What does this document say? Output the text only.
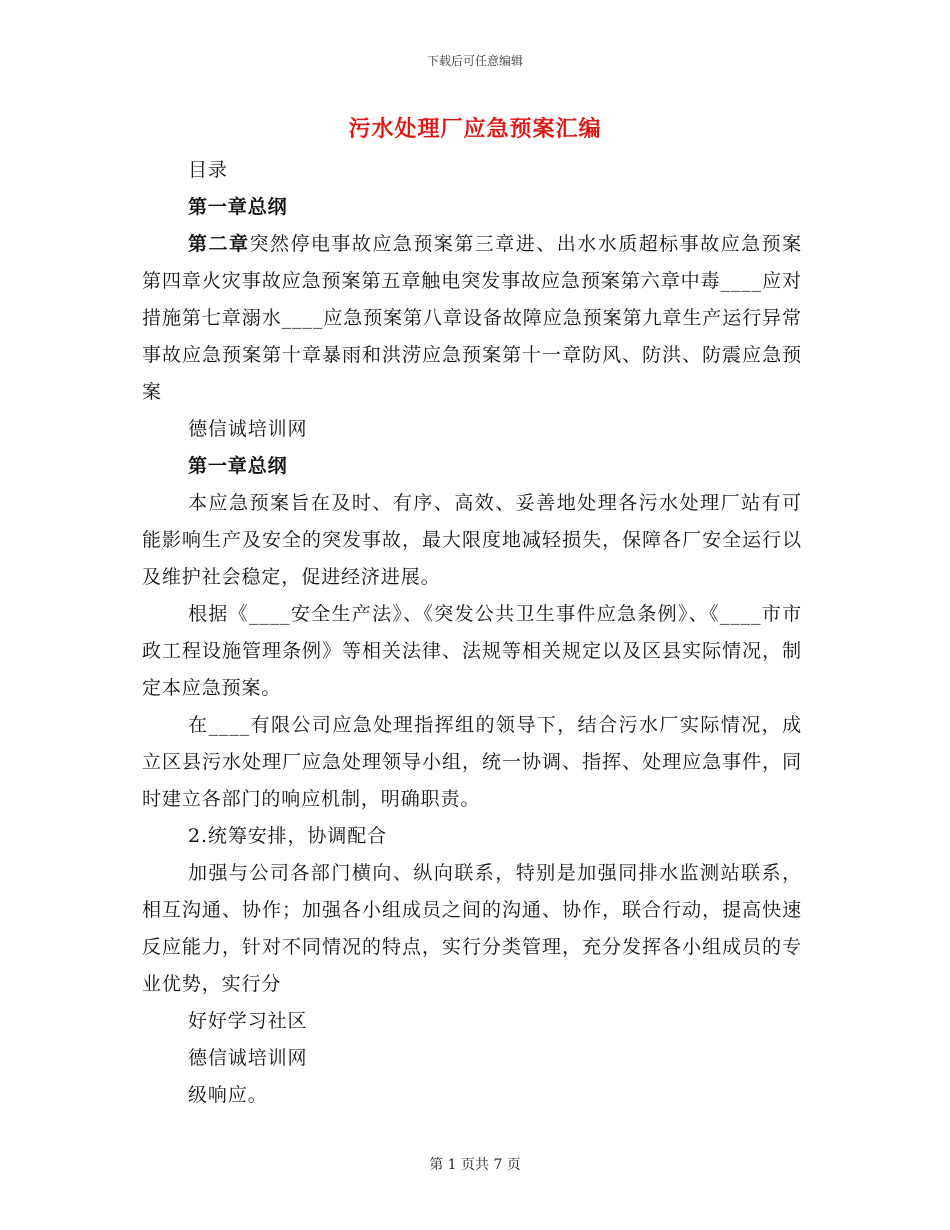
下载后可任意编辑
污水处理厂应急预案汇编

目录

第一章总纲

第二章突然停电事故应急预案第三章进、出水水质超标事故应急预案第四章火灾事故应急预案第五章触电突发事故应急预案第六章中毒____应对措施第七章溺水____应急预案第八章设备故障应急预案第九章生产运行异常事故应急预案第十章暴雨和洪涝应急预案第十一章防风、防洪、防震应急预案

德信诚培训网

第一章总纲

本应急预案旨在及时、有序、高效、妥善地处理各污水处理厂站有可能影响生产及安全的突发事故，最大限度地减轻损失，保障各厂安全运行以及维护社会稳定，促进经济进展。

根据《____安全生产法》、《突发公共卫生事件应急条例》、《____市市政工程设施管理条例》等相关法律、法规等相关规定以及区县实际情况，制定本应急预案。

在____有限公司应急处理指挥组的领导下，结合污水厂实际情况，成立区县污水处理厂应急处理领导小组，统一协调、指挥、处理应急事件，同时建立各部门的响应机制，明确职责。

2.统筹安排，协调配合

加强与公司各部门横向、纵向联系，特别是加强同排水监测站联系，相互沟通、协作；加强各小组成员之间的沟通、协作，联合行动，提高快速反应能力，针对不同情况的特点，实行分类管理，充分发挥各小组成员的专业优势，实行分

好好学习社区

德信诚培训网

级响应。

第 1 页共 7 页
